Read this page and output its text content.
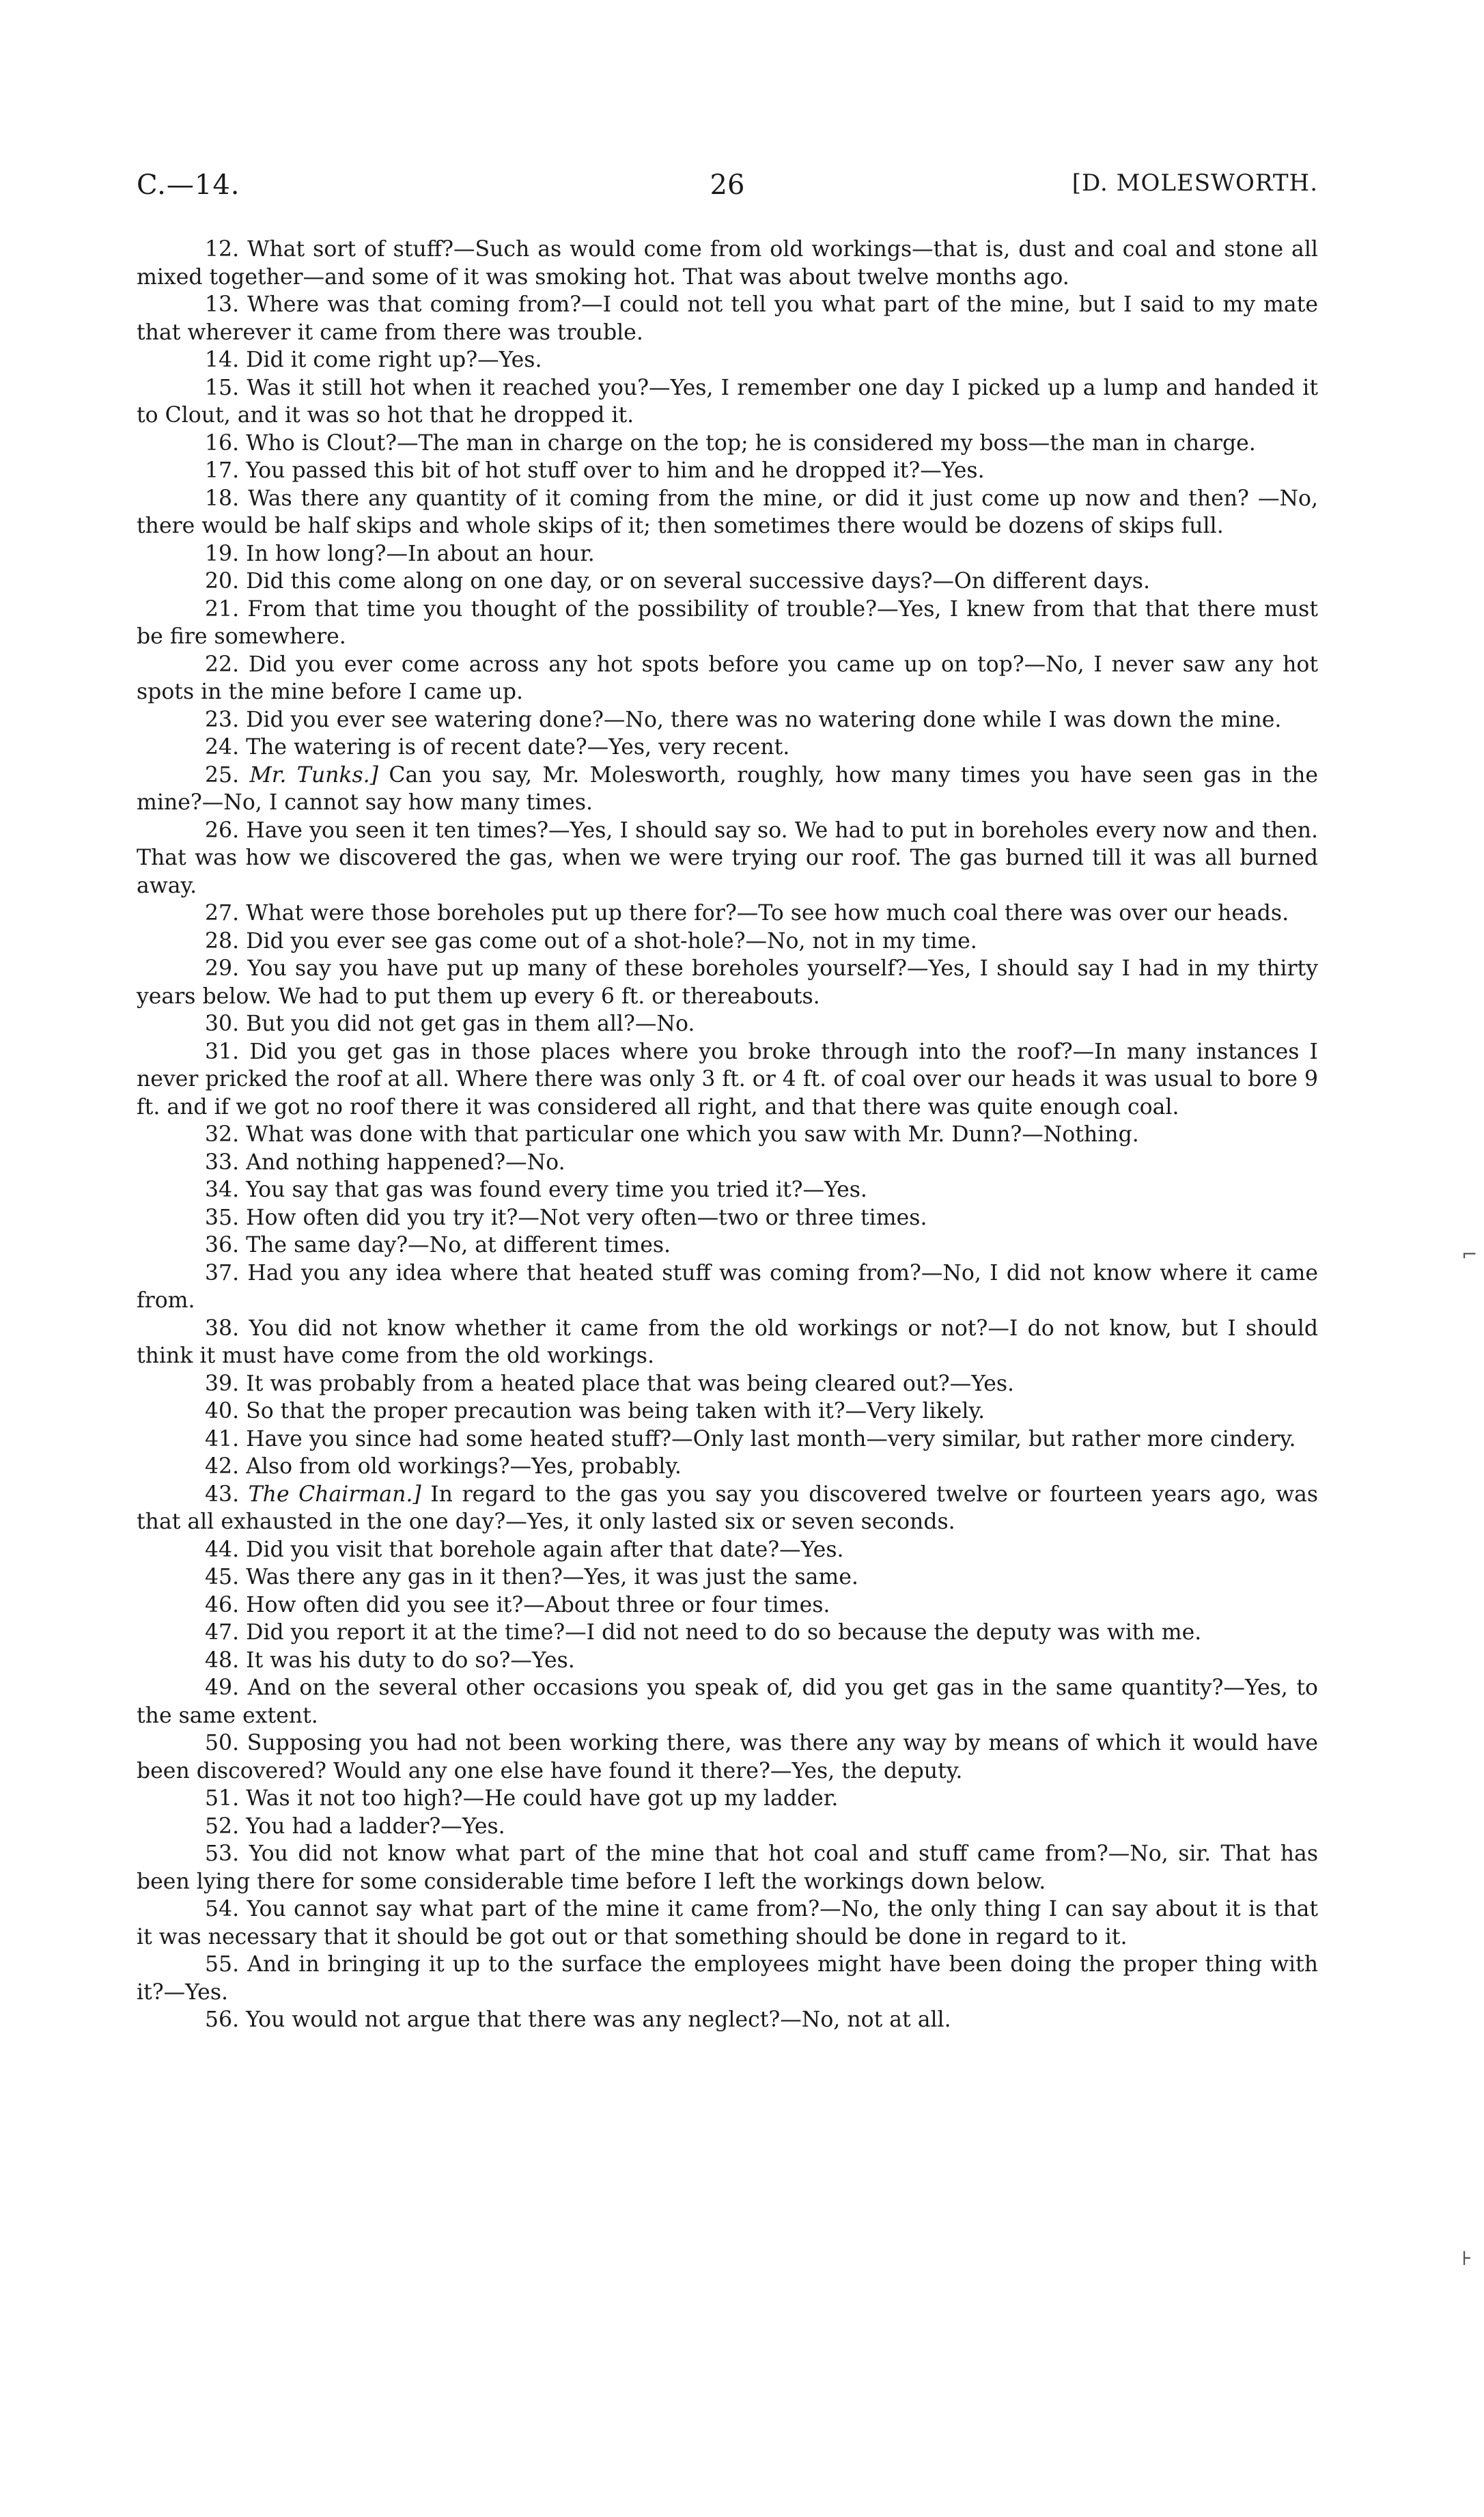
C.—14.	26	[D. MOLESWORTH.

12. What sort of stuff?—Such as would come from old workings—that is, dust and coal and stone all mixed together—and some of it was smoking hot. That was about twelve months ago.

13. Where was that coming from?—I could not tell you what part of the mine, but I said to my mate that wherever it came from there was trouble.

14. Did it come right up?—Yes.

15. Was it still hot when it reached you?—Yes, I remember one day I picked up a lump and handed it to Clout, and it was so hot that he dropped it.

16. Who is Clout?—The man in charge on the top; he is considered my boss—the man in charge.

17. You passed this bit of hot stuff over to him and he dropped it?—Yes.

18. Was there any quantity of it coming from the mine, or did it just come up now and then? —No, there would be half skips and whole skips of it; then sometimes there would be dozens of skips full.

19. In how long?—In about an hour.

20. Did this come along on one day, or on several successive days?—On different days.

21. From that time you thought of the possibility of trouble?—Yes, I knew from that that there must be fire somewhere.

22. Did you ever come across any hot spots before you came up on top?—No, I never saw any hot spots in the mine before I came up.

23. Did you ever see watering done?—No, there was no watering done while I was down the mine.

24. The watering is of recent date?—Yes, very recent.

25. Mr. Tunks.] Can you say, Mr. Molesworth, roughly, how many times you have seen gas in the mine?—No, I cannot say how many times.

26. Have you seen it ten times?—Yes, I should say so. We had to put in boreholes every now and then. That was how we discovered the gas, when we were trying our roof. The gas burned till it was all burned away.

27. What were those boreholes put up there for?—To see how much coal there was over our heads.

28. Did you ever see gas come out of a shot-hole?—No, not in my time.

29. You say you have put up many of these boreholes yourself?—Yes, I should say I had in my thirty years below. We had to put them up every 6 ft. or thereabouts.

30. But you did not get gas in them all?—No.

31. Did you get gas in those places where you broke through into the roof?—In many instances I never pricked the roof at all. Where there was only 3 ft. or 4 ft. of coal over our heads it was usual to bore 9 ft. and if we got no roof there it was considered all right, and that there was quite enough coal.

32. What was done with that particular one which you saw with Mr. Dunn?—Nothing.

33. And nothing happened?—No.

34. You say that gas was found every time you tried it?—Yes.

35. How often did you try it?—Not very often—two or three times.

36. The same day?—No, at different times.

37. Had you any idea where that heated stuff was coming from?—No, I did not know where it came from.

38. You did not know whether it came from the old workings or not?—I do not know, but I should think it must have come from the old workings.

39. It was probably from a heated place that was being cleared out?—Yes.

40. So that the proper precaution was being taken with it?—Very likely.

41. Have you since had some heated stuff?—Only last month—very similar, but rather more cindery.

42. Also from old workings?—Yes, probably.

43. The Chairman.] In regard to the gas you say you discovered twelve or fourteen years ago, was that all exhausted in the one day?—Yes, it only lasted six or seven seconds.

44. Did you visit that borehole again after that date?—Yes.

45. Was there any gas in it then?—Yes, it was just the same.

46. How often did you see it?—About three or four times.

47. Did you report it at the time?—I did not need to do so because the deputy was with me.

48. It was his duty to do so?—Yes.

49. And on the several other occasions you speak of, did you get gas in the same quantity?—Yes, to the same extent.

50. Supposing you had not been working there, was there any way by means of which it would have been discovered? Would any one else have found it there?—Yes, the deputy.

51. Was it not too high?—He could have got up my ladder.

52. You had a ladder?—Yes.

53. You did not know what part of the mine that hot coal and stuff came from?—No, sir. That has been lying there for some considerable time before I left the workings down below.

54. You cannot say what part of the mine it came from?—No, the only thing I can say about it is that it was necessary that it should be got out or that something should be done in regard to it.

55. And in bringing it up to the surface the employees might have been doing the proper thing with it?—Yes.

56. You would not argue that there was any neglect?—No, not at all.

⌐
⊦
